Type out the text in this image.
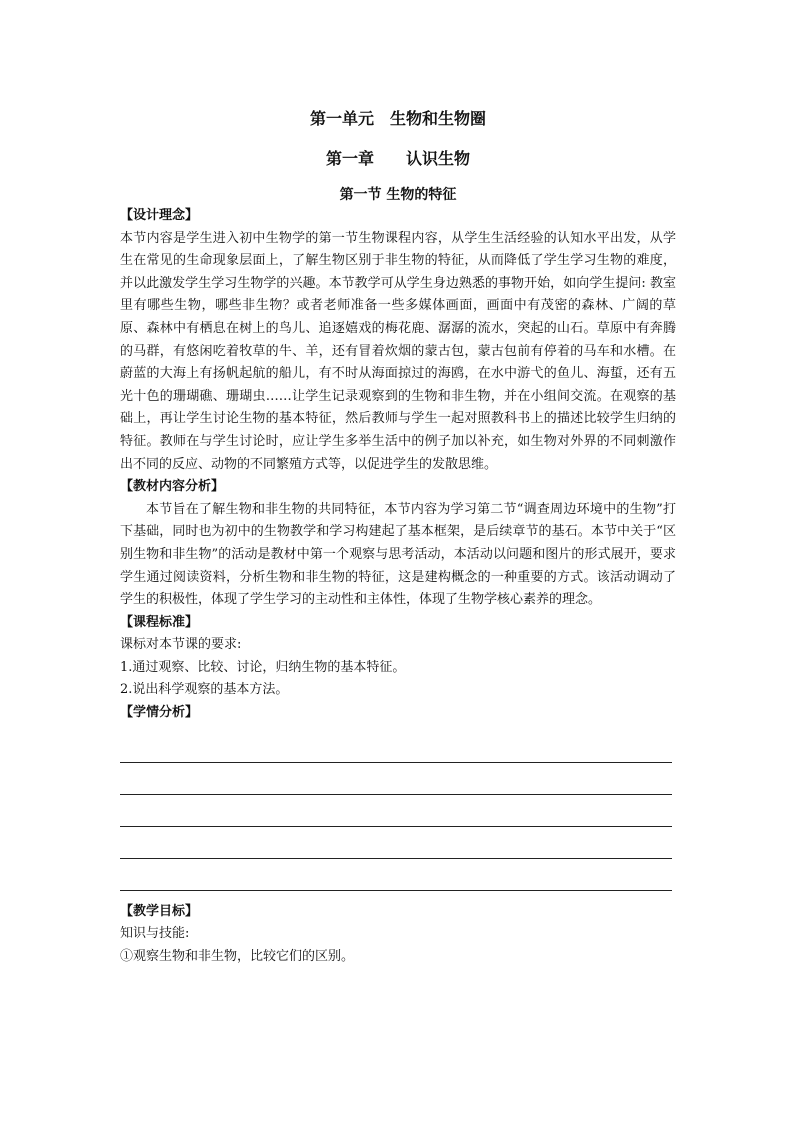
第一单元　生物和生物圈
第一章　　认识生物
第一节 生物的特征

【设计理念】

本节内容是学生进入初中生物学的第一节生物课程内容，从学生生活经验的认知水平出发，从学生在常见的生命现象层面上，了解生物区别于非生物的特征，从而降低了学生学习生物的难度，并以此激发学生学习生物学的兴趣。本节教学可从学生身边熟悉的事物开始，如向学生提问: 教室里有哪些生物，哪些非生物？或者老师准备一些多媒体画面，画面中有茂密的森林、广阔的草原、森林中有栖息在树上的鸟儿、追逐嬉戏的梅花鹿、潺潺的流水，突起的山石。草原中有奔腾的马群，有悠闲吃着牧草的牛、羊，还有冒着炊烟的蒙古包，蒙古包前有停着的马车和水槽。在蔚蓝的大海上有扬帆起航的船儿，有不时从海面掠过的海鸥，在水中游弋的鱼儿、海蜇，还有五光十色的珊瑚礁、珊瑚虫……让学生记录观察到的生物和非生物，并在小组间交流。在观察的基础上，再让学生讨论生物的基本特征，然后教师与学生一起对照教科书上的描述比较学生归纳的特征。教师在与学生讨论时，应让学生多举生活中的例子加以补充，如生物对外界的不同刺激作出不同的反应、动物的不同繁殖方式等，以促进学生的发散思维。

【教材内容分析】

本节旨在了解生物和非生物的共同特征，本节内容为学习第二节“调查周边环境中的生物”打下基础，同时也为初中的生物教学和学习构建起了基本框架，是后续章节的基石。本节中关于“区别生物和非生物”的活动是教材中第一个观察与思考活动，本活动以问题和图片的形式展开，要求学生通过阅读资料，分析生物和非生物的特征，这是建构概念的一种重要的方式。该活动调动了学生的积极性，体现了学生学习的主动性和主体性，体现了生物学核心素养的理念。

【课程标准】

课标对本节课的要求:

1.通过观察、比较、讨论，归纳生物的基本特征。

2.说出科学观察的基本方法。

【学情分析】

【教学目标】

知识与技能:

①观察生物和非生物，比较它们的区别。
